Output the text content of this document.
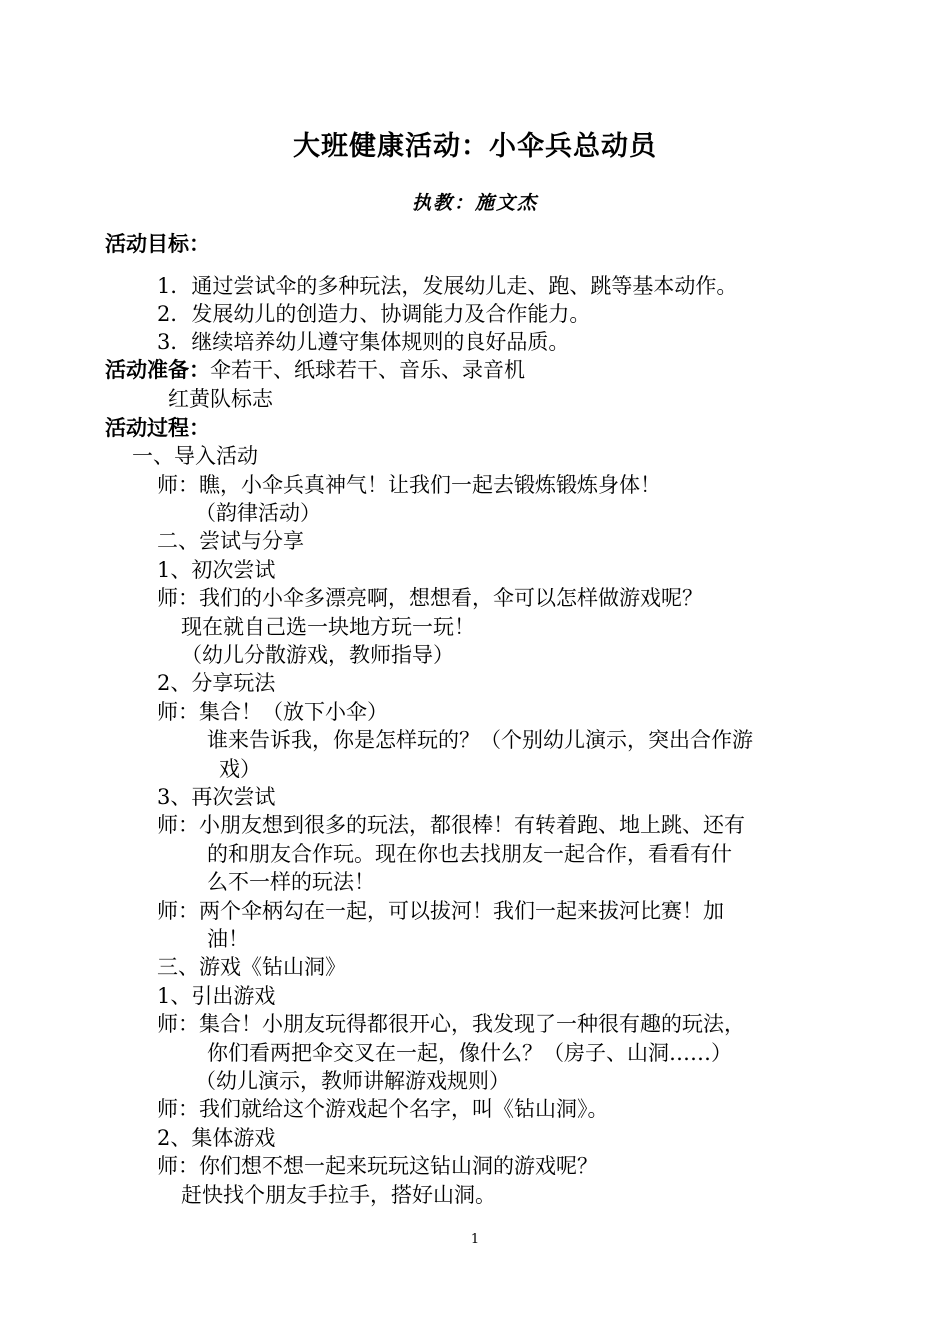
大班健康活动：小伞兵总动员
执教：施文杰
活动目标：
1．通过尝试伞的多种玩法，发展幼儿走、跑、跳等基本动作。
2．发展幼儿的创造力、协调能力及合作能力。
3．继续培养幼儿遵守集体规则的良好品质。
活动准备：伞若干、纸球若干、音乐、录音机
红黄队标志
活动过程：
一、导入活动
师：瞧，小伞兵真神气！让我们一起去锻炼锻炼身体！
（韵律活动）
二、尝试与分享
1、初次尝试
师：我们的小伞多漂亮啊，想想看，伞可以怎样做游戏呢？
现在就自己选一块地方玩一玩！
（幼儿分散游戏，教师指导）
2、分享玩法
师：集合！（放下小伞）
谁来告诉我，你是怎样玩的？（个别幼儿演示，突出合作游
戏）
3、再次尝试
师：小朋友想到很多的玩法，都很棒！有转着跑、地上跳、还有
的和朋友合作玩。现在你也去找朋友一起合作，看看有什
么不一样的玩法！
师：两个伞柄勾在一起，可以拔河！我们一起来拔河比赛！加
油！
三、游戏《钻山洞》
1、引出游戏
师：集合！小朋友玩得都很开心，我发现了一种很有趣的玩法，
你们看两把伞交叉在一起，像什么？（房子、山洞……）
（幼儿演示，教师讲解游戏规则）
师：我们就给这个游戏起个名字，叫《钻山洞》。
2、集体游戏
师：你们想不想一起来玩玩这钻山洞的游戏呢？
赶快找个朋友手拉手，搭好山洞。
1
